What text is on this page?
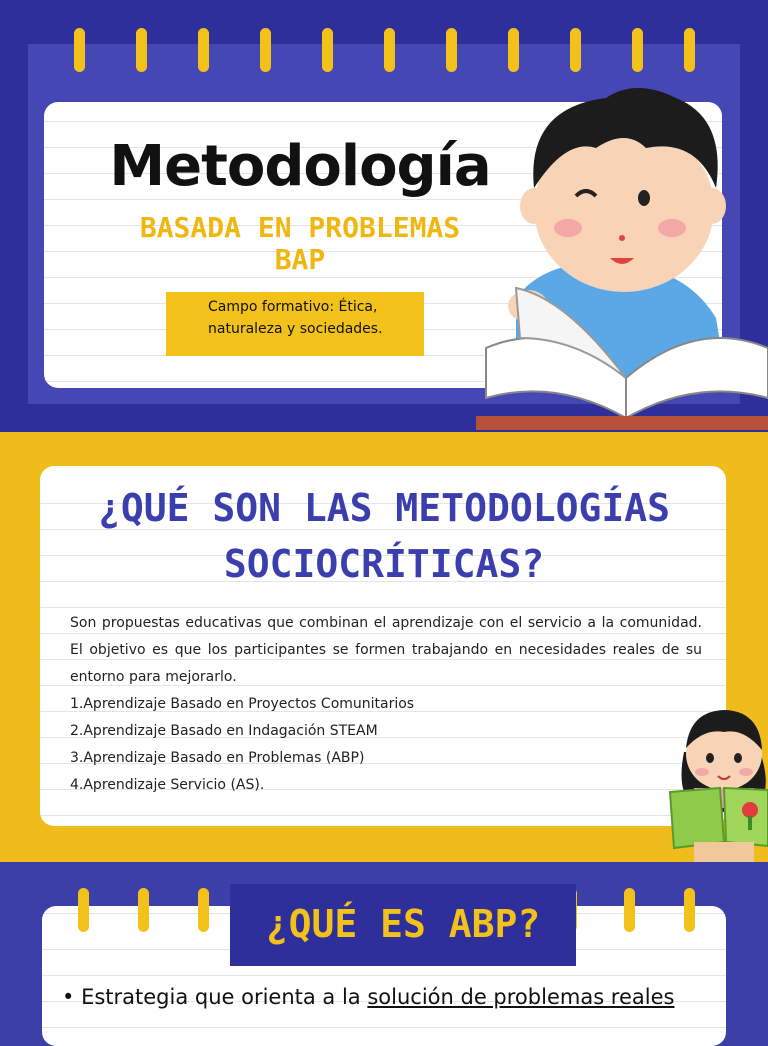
Metodología
BASADA EN PROBLEMAS
BAP
Campo formativo: Ética, naturaleza y sociedades.
¿QUÉ SON LAS METODOLOGÍAS SOCIOCRÍTICAS?

Son propuestas educativas que combinan el aprendizaje con el servicio a la comunidad. El objetivo es que los participantes se formen trabajando en necesidades reales de su entorno para mejorarlo.

1.Aprendizaje Basado en Proyectos Comunitarios

2.Aprendizaje Basado en Indagación STEAM

3.Aprendizaje Basado en Problemas (ABP)

4.Aprendizaje Servicio (AS).

¿QUÉ ES ABP?
• Estrategia que orienta a la solución de problemas reales
